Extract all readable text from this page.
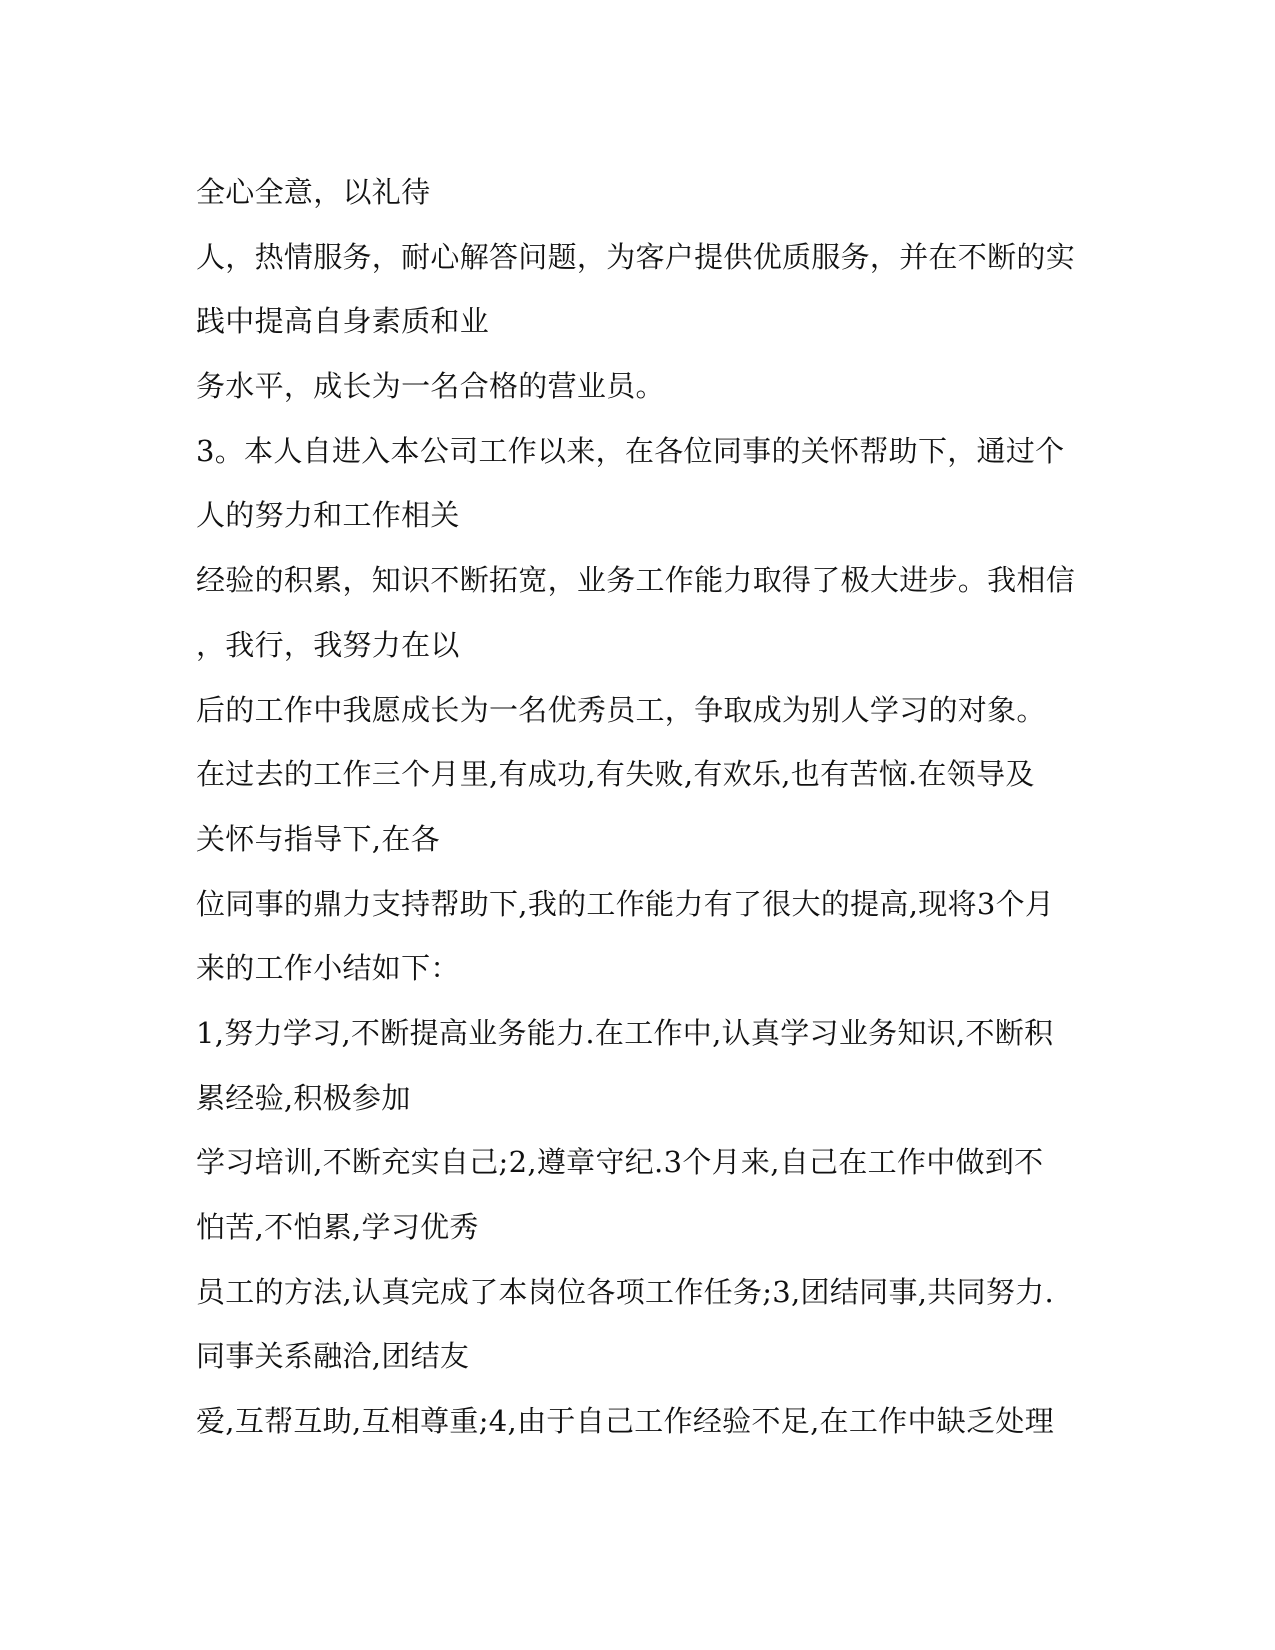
全心全意，以礼待
人，热情服务，耐心解答问题，为客户提供优质服务，并在不断的实
践中提高自身素质和业
务水平，成长为一名合格的营业员。
3。本人自进入本公司工作以来，在各位同事的关怀帮助下，通过个
人的努力和工作相关
经验的积累，知识不断拓宽，业务工作能力取得了极大进步。我相信
，我行，我努力在以
后的工作中我愿成长为一名优秀员工，争取成为别人学习的对象。
在过去的工作三个月里,有成功,有失败,有欢乐,也有苦恼.在领导及
关怀与指导下,在各
位同事的鼎力支持帮助下,我的工作能力有了很大的提高,现将3个月
来的工作小结如下：
1,努力学习,不断提高业务能力.在工作中,认真学习业务知识,不断积
累经验,积极参加
学习培训,不断充实自己;2,遵章守纪.3个月来,自己在工作中做到不
怕苦,不怕累,学习优秀
员工的方法,认真完成了本岗位各项工作任务;3,团结同事,共同努力.
同事关系融洽,团结友
爱,互帮互助,互相尊重;4,由于自己工作经验不足,在工作中缺乏处理
